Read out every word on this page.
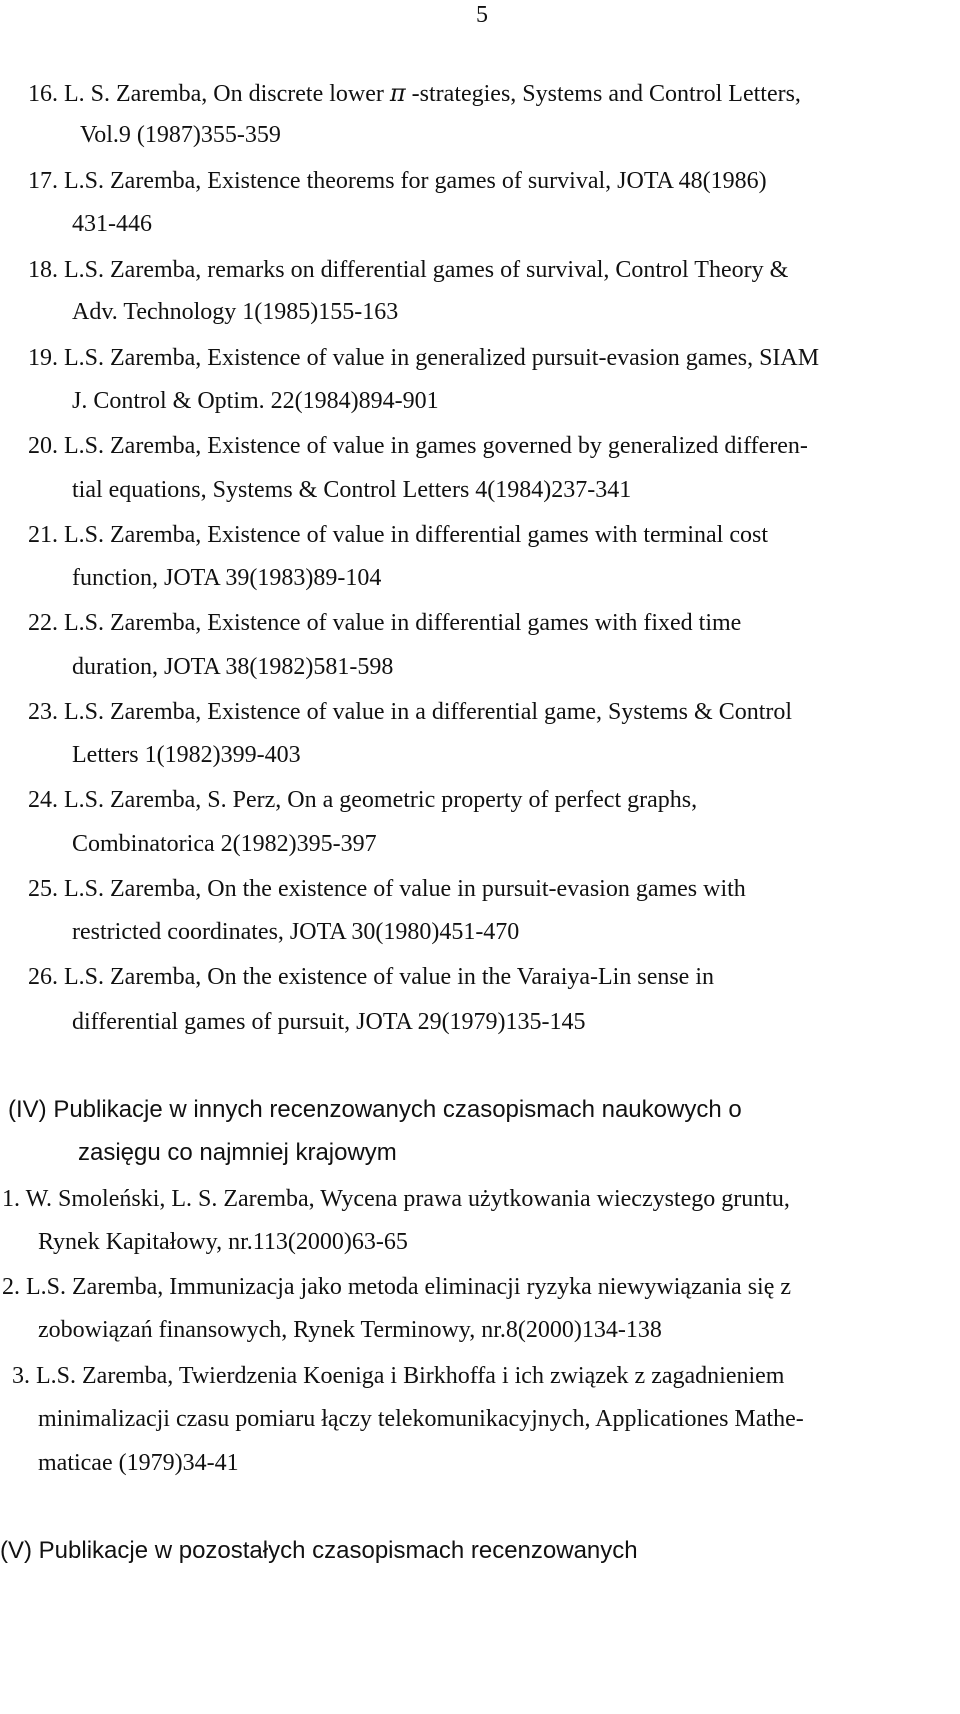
5
16. L. S. Zaremba, On discrete lower π -strategies, Systems and Control Letters,
Vol.9 (1987)355-359
17. L.S. Zaremba, Existence theorems for games of survival, JOTA 48(1986)
431-446
18. L.S. Zaremba, remarks on differential games of survival, Control Theory &
Adv. Technology 1(1985)155-163
19. L.S. Zaremba, Existence of value in generalized pursuit-evasion games, SIAM
J. Control & Optim. 22(1984)894-901
20. L.S. Zaremba, Existence of value in games governed by generalized differen-
tial equations, Systems & Control Letters 4(1984)237-341
21. L.S. Zaremba, Existence of value in differential games with terminal cost
function, JOTA 39(1983)89-104
22. L.S. Zaremba, Existence of value in differential games with fixed time
duration, JOTA 38(1982)581-598
23. L.S. Zaremba, Existence of value in a differential game, Systems & Control
Letters 1(1982)399-403
24. L.S. Zaremba, S. Perz, On a geometric property of perfect graphs,
Combinatorica 2(1982)395-397
25. L.S. Zaremba, On the existence of value in pursuit-evasion games with
restricted coordinates, JOTA 30(1980)451-470
26. L.S. Zaremba, On the existence of value in the Varaiya-Lin sense in
differential games of pursuit, JOTA 29(1979)135-145
(IV) Publikacje w innych recenzowanych czasopismach naukowych o
zasięgu co najmniej krajowym
1. W. Smoleński, L. S. Zaremba, Wycena prawa użytkowania wieczystego gruntu,
Rynek Kapitałowy, nr.113(2000)63-65
2. L.S. Zaremba, Immunizacja jako metoda eliminacji ryzyka niewywiązania się z
zobowiązań finansowych, Rynek Terminowy, nr.8(2000)134-138
3. L.S. Zaremba, Twierdzenia Koeniga i Birkhoffa i ich związek z zagadnieniem
minimalizacji czasu pomiaru łączy telekomunikacyjnych, Applicationes Mathe-
maticae (1979)34-41
(V) Publikacje w pozostałych czasopismach recenzowanych
